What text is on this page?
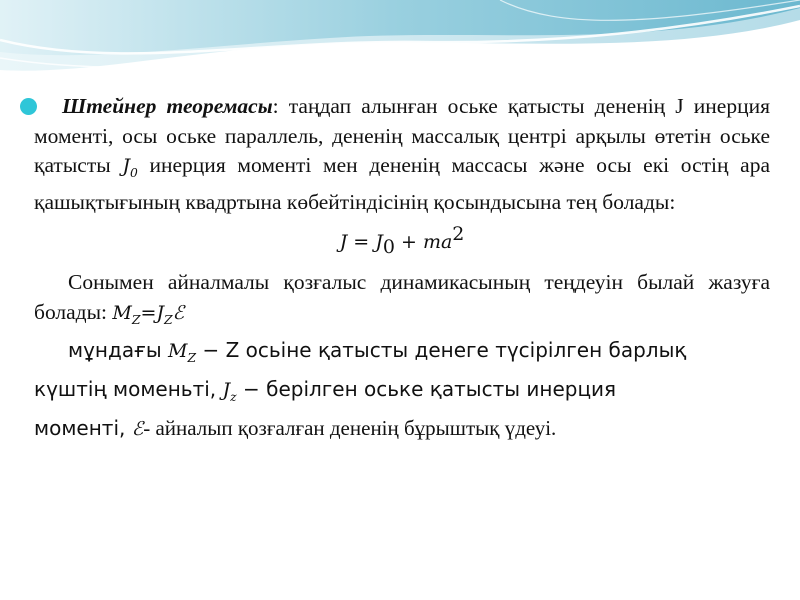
Штейнер теоремасы: таңдап алынған оське қатысты дененің J инерция моменті, осы оське параллель, дененің массалық центрі арқылы өтетін оське қатысты $J_0$ инерция моменті мен дененің массасы және осы екі остің ара қашықтығының квадртына көбейтіндісінің қосындысына тең болады:

$J = J_0 + ma^2$

Сонымен айналмалы қозғалыс динамикасының теңдеуін былай жазуға болады: $M_Z=J_Zℰ$

мұндағы $M_Z - Z$ осьіне қатысты денеге түсірілген барлық
күштің моменьті, $J_z$ − берілген оське қатысты инерция
моменті, ℰ- айналып қозғалған дененің бұрыштық үдеуі.
